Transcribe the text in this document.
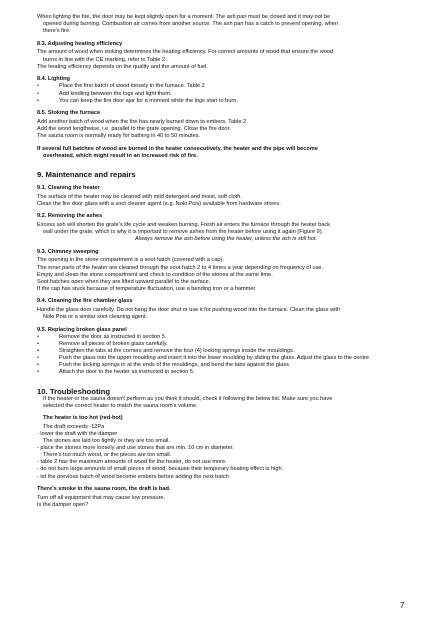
When lighting the fire, the door may be kept slightly open for a moment. The ash pan must be closed and it may not be

opened during burning. Combustion air comes from another source. The ash pan has a catch to prevent opening, when

there's fire.

8.3. Adjusting heating efficiency

The amount of wood when stoking determines the heating efficiency. For correct amounts of wood that ensure the wood

burns in line with the CE marking, refer to Table 2.

The heating efficiency depends on the quality and the amount of fuel.

8.4. Lighting

• Place the first batch of wood loosely in the furnace. Table 2
• Add kindling between the logs and light them.
• You can keep the fire door ajar for a moment while the logs start to burn.

8.5. Stoking the furnace

Add another batch of wood when the fire has nearly burned down to embers. Table 2

Add the wood lengthwise, i.e. parallel to the grate opening. Close the fire door.

The sauna room is normally ready for bathing in 40 to 50 minutes.

If several full batches of wood are burned in the heater consecutively, the heater and the pipe will become

overheated, which might result in an increased risk of fire.

9. Maintenance and repairs

9.1. Cleaning the heater

The surface of the heater may be cleaned with mild detergent and moist, soft cloth.

Clean the fire door glass with a soot cleaner agent (e.g. Noki Pois) available from hardware stores.

9.2. Removing the ashes

Excess ash will shorten the grate's life cycle and weaken burning. Fresh air enters the furnace through the heater back

wall under the grate, which is why it is important to remove ashes from the heater before using it again (Figure 9).

Always remove the ash before using the heater, unless the ash is still hot.

9.3. Chimney sweeping

The opening in the stone compartment is a soot hatch (covered with a cap).

The inner parts of the heater are cleaned through the soot hatch 2 to 4 times a year depending on frequency of use.

Empty and clean the stone compartment and check to condition of the stones at the same time.

Soot hatches open when they are lifted upward parallel to the surface.

If the cap has stuck because of temperature fluctuation, use a bending iron or a hammer.

9.4. Cleaning the fire chamber glass

Handle the glass door carefully. Do not bang the door shut or use it for pushing wood into the furnace. Clean the glass with

Noki Pois or a similar soot cleaning agent.

9.5. Replacing broken glass panel

• Remove the door as instructed in section 5.
• Remove all pieces of broken glass carefully.
• Straighten the tabs at the corners and remove the four (4) locking springs inside the mouldings.
• Push the glass into the upper moulding and insert it into the lower moulding by sliding the glass. Adjust the glass to the centre.
• Push the locking springs in at the ends of the mouldings, and bend the tabs against the glass.
• Attach the door to the heater as instructed in section 5.

10. Troubleshooting

If the heater or the sauna doesn't perform as you think it should, check it following the below list. Make sure you have

selected the correct heater to match the sauna room's volume.

The heater is too hot (red-hot)

The draft exceeds -12Pa

- lower the draft with the damper

The stones are laid too tightly or they are too small.

- place the stones more loosely and use stones that are min. 10 cm in diameter.

There's too much wood, or the pieces are too small.

- table 2 has the maximum amounts of wood for the heater, do not use more.

- do not burn large amounts of small pieces of wood, because their temporary heating effect is high.

- let the previous batch of wood become embers before adding the next batch

There's smoke in the sauna room, the draft is bad.

Turn off all equipment that may cause low pressure.

Is the damper open?

7
